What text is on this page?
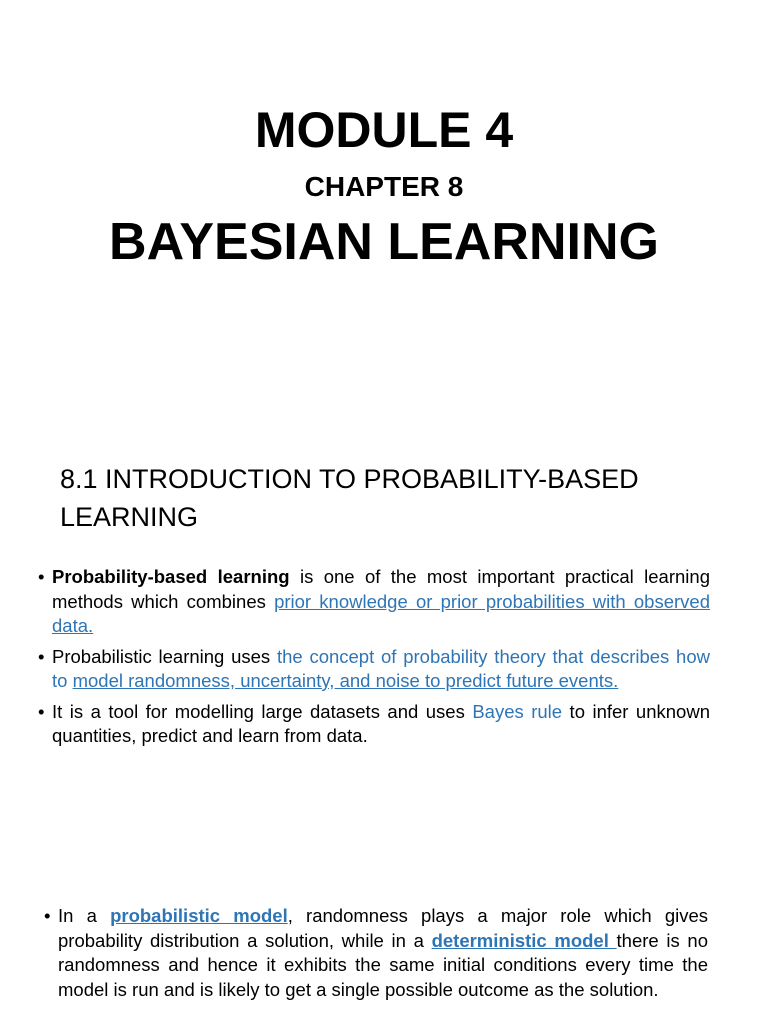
MODULE 4
CHAPTER 8
BAYESIAN LEARNING
8.1 INTRODUCTION TO PROBABILITY-BASED LEARNING
• Probability-based learning is one of the most important practical learning methods which combines prior knowledge or prior probabilities with observed data.
• Probabilistic learning uses the concept of probability theory that describes how to model randomness, uncertainty, and noise to predict future events.
• It is a tool for modelling large datasets and uses Bayes rule to infer unknown quantities, predict and learn from data.
• In a probabilistic model, randomness plays a major role which gives probability distribution a solution, while in a deterministic model there is no randomness and hence it exhibits the same initial conditions every time the model is run and is likely to get a single possible outcome as the solution.
